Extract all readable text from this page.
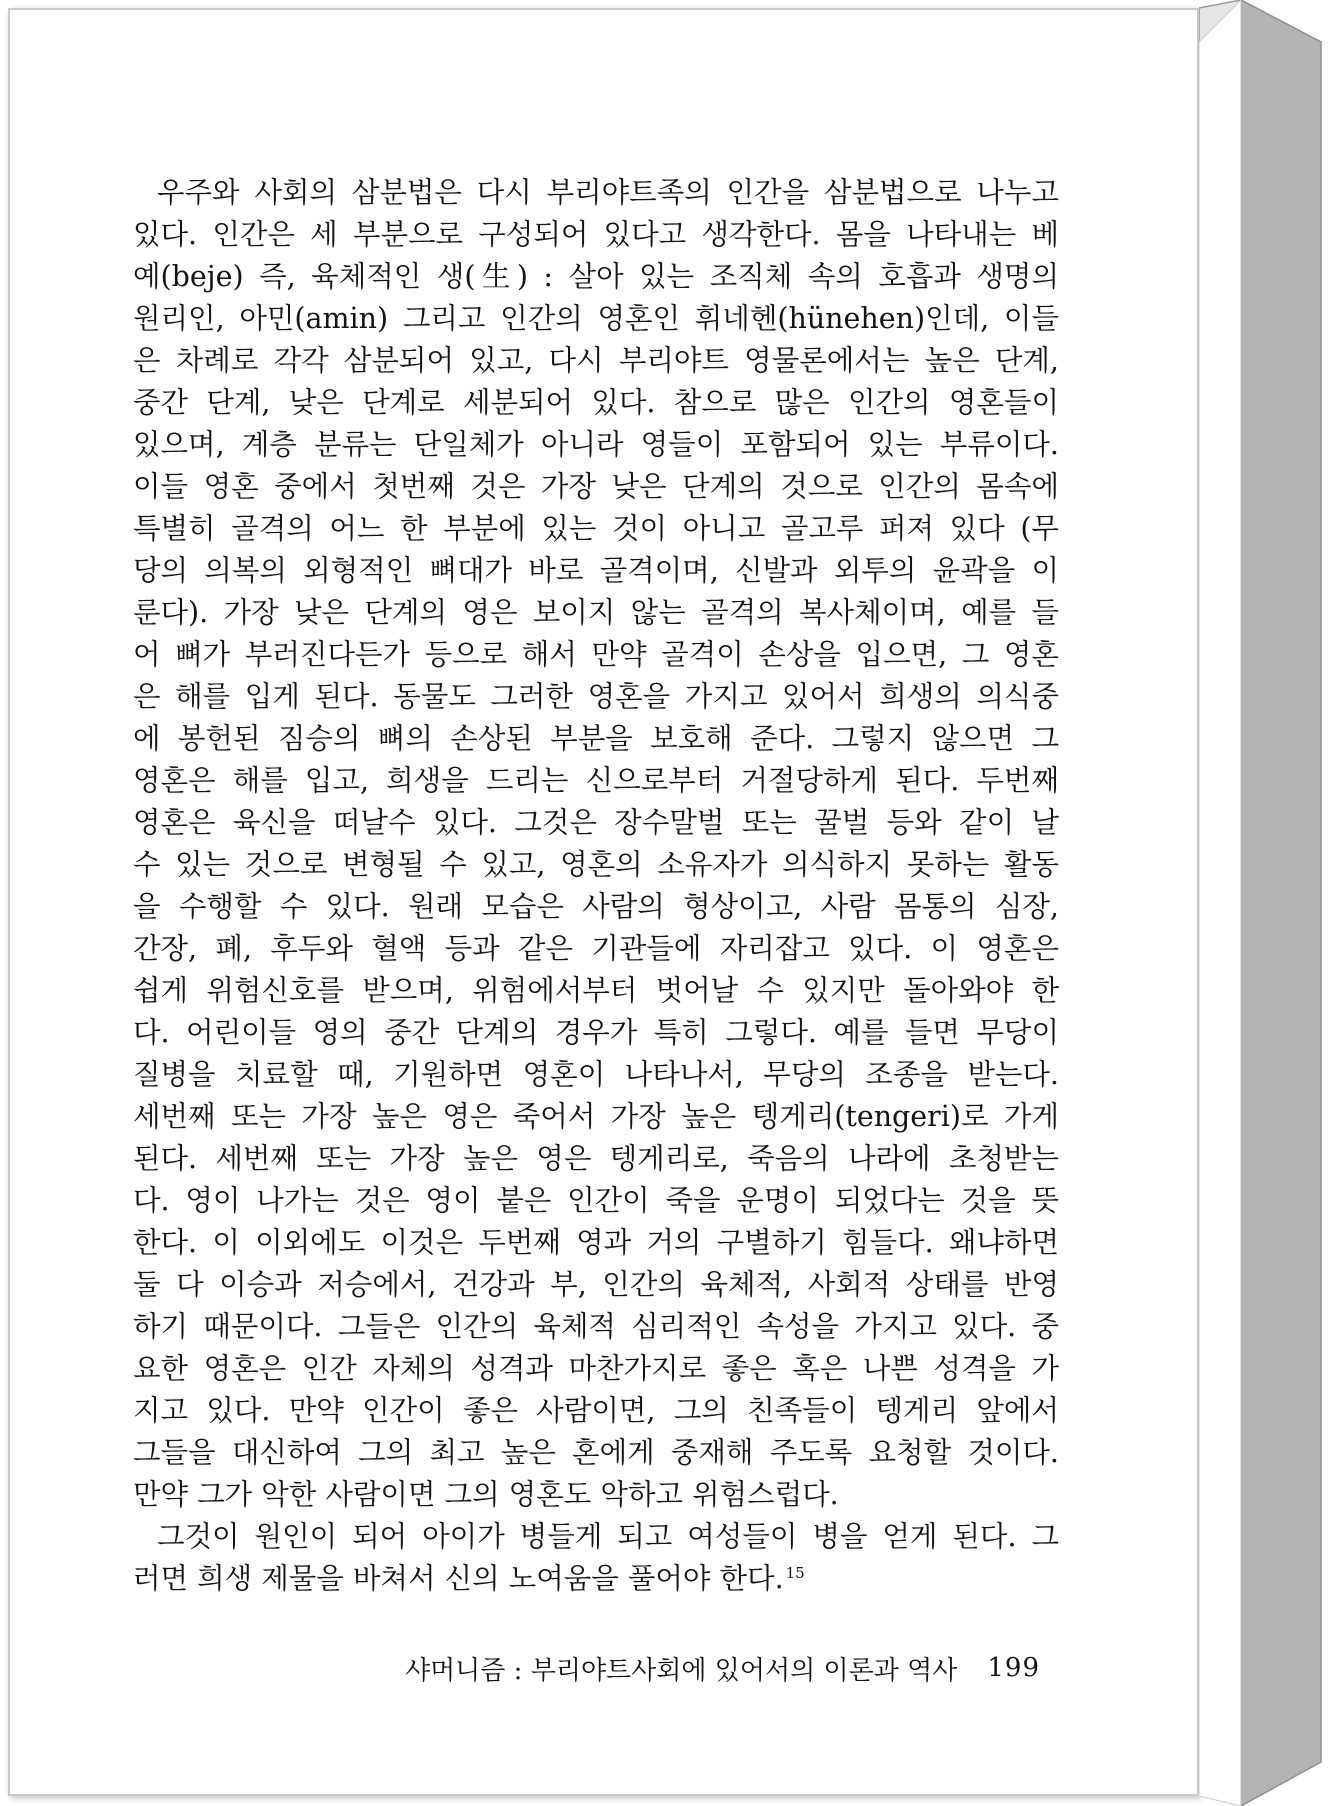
우주와 사회의 삼분법은 다시 부리야트족의 인간을 삼분법으로 나누고
있다. 인간은 세 부분으로 구성되어 있다고 생각한다. 몸을 나타내는 베
예(beje) 즉, 육체적인 생(生) : 살아 있는 조직체 속의 호흡과 생명의
원리인, 아민(amin) 그리고 인간의 영혼인 휘네헨(hünehen)인데, 이들
은 차례로 각각 삼분되어 있고, 다시 부리야트 영물론에서는 높은 단계,
중간 단계, 낮은 단계로 세분되어 있다. 참으로 많은 인간의 영혼들이
있으며, 계층 분류는 단일체가 아니라 영들이 포함되어 있는 부류이다.
이들 영혼 중에서 첫번째 것은 가장 낮은 단계의 것으로 인간의 몸속에
특별히 골격의 어느 한 부분에 있는 것이 아니고 골고루 퍼져 있다 (무
당의 의복의 외형적인 뼈대가 바로 골격이며, 신발과 외투의 윤곽을 이
룬다). 가장 낮은 단계의 영은 보이지 않는 골격의 복사체이며, 예를 들
어 뼈가 부러진다든가 등으로 해서 만약 골격이 손상을 입으면, 그 영혼
은 해를 입게 된다. 동물도 그러한 영혼을 가지고 있어서 희생의 의식중
에 봉헌된 짐승의 뼈의 손상된 부분을 보호해 준다. 그렇지 않으면 그
영혼은 해를 입고, 희생을 드리는 신으로부터 거절당하게 된다. 두번째
영혼은 육신을 떠날수 있다. 그것은 장수말벌 또는 꿀벌 등와 같이 날
수 있는 것으로 변형될 수 있고, 영혼의 소유자가 의식하지 못하는 활동
을 수행할 수 있다. 원래 모습은 사람의 형상이고, 사람 몸통의 심장,
간장, 폐, 후두와 혈액 등과 같은 기관들에 자리잡고 있다. 이 영혼은
쉽게 위험신호를 받으며, 위험에서부터 벗어날 수 있지만 돌아와야 한
다. 어린이들 영의 중간 단계의 경우가 특히 그렇다. 예를 들면 무당이
질병을 치료할 때, 기원하면 영혼이 나타나서, 무당의 조종을 받는다.
세번째 또는 가장 높은 영은 죽어서 가장 높은 텡게리(tengeri)로 가게
된다. 세번째 또는 가장 높은 영은 텡게리로, 죽음의 나라에 초청받는
다. 영이 나가는 것은 영이 붙은 인간이 죽을 운명이 되었다는 것을 뜻
한다. 이 이외에도 이것은 두번째 영과 거의 구별하기 힘들다. 왜냐하면
둘 다 이승과 저승에서, 건강과 부, 인간의 육체적, 사회적 상태를 반영
하기 때문이다. 그들은 인간의 육체적 심리적인 속성을 가지고 있다. 중
요한 영혼은 인간 자체의 성격과 마찬가지로 좋은 혹은 나쁜 성격을 가
지고 있다. 만약 인간이 좋은 사람이면, 그의 친족들이 텡게리 앞에서
그들을 대신하여 그의 최고 높은 혼에게 중재해 주도록 요청할 것이다.
만약 그가 악한 사람이면 그의 영혼도 악하고 위험스럽다.
그것이 원인이 되어 아이가 병들게 되고 여성들이 병을 얻게 된다. 그
러면 희생 제물을 바쳐서 신의 노여움을 풀어야 한다. $^{15}$
샤머니즘 : 부리야트사회에 있어서의 이론과 역사 199
